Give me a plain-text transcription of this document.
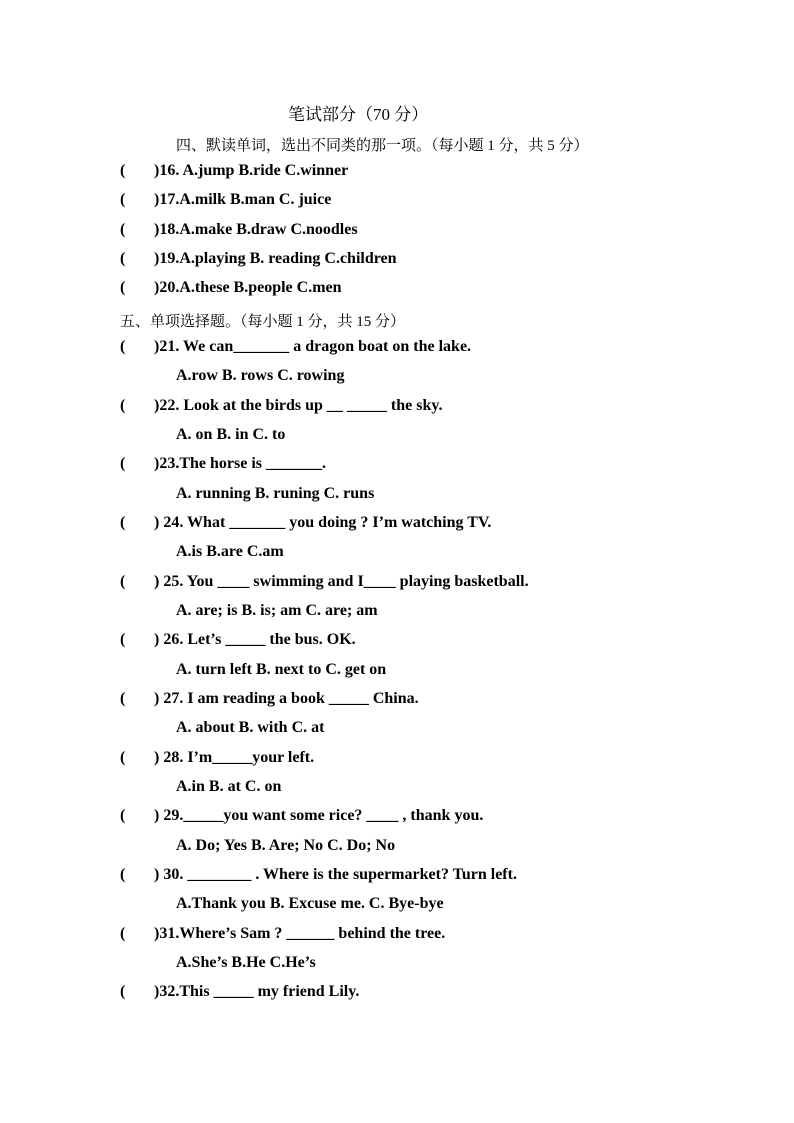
笔试部分（70 分）
四、默读单词，选出不同类的那一项。（每小题 1 分，共 5 分）
( )16. A.jump B.ride C.winner
( )17.A.milk B.man C. juice
( )18.A.make B.draw C.noodles
( )19.A.playing B. reading C.children
( )20.A.these B.people C.men
五、单项选择题。（每小题 1 分，共 15 分）
( )21. We can_______ a dragon boat on the lake.
A.row B. rows C. rowing
( )22. Look at the birds up __ _____ the sky.
A. on B. in C. to
( )23.The horse is _______.
A. running B. runing C. runs
( ) 24. What _______ you doing ? I’m watching TV.
A.is B.are C.am
( ) 25. You ____ swimming and I____ playing basketball.
A. are; is B. is; am C. are; am
( ) 26. Let’s _____ the bus. OK.
A. turn left B. next to C. get on
( ) 27. I am reading a book _____ China.
A. about B. with C. at
( ) 28. I’m_____your left.
A.in B. at C. on
( ) 29._____you want some rice? ____ , thank you.
A. Do; Yes B. Are; No C. Do; No
( ) 30. ________ . Where is the supermarket? Turn left.
A.Thank you B. Excuse me. C. Bye-bye
( )31.Where’s Sam ? ______ behind the tree.
A.She’s B.He C.He’s
( )32.This _____ my friend Lily.
